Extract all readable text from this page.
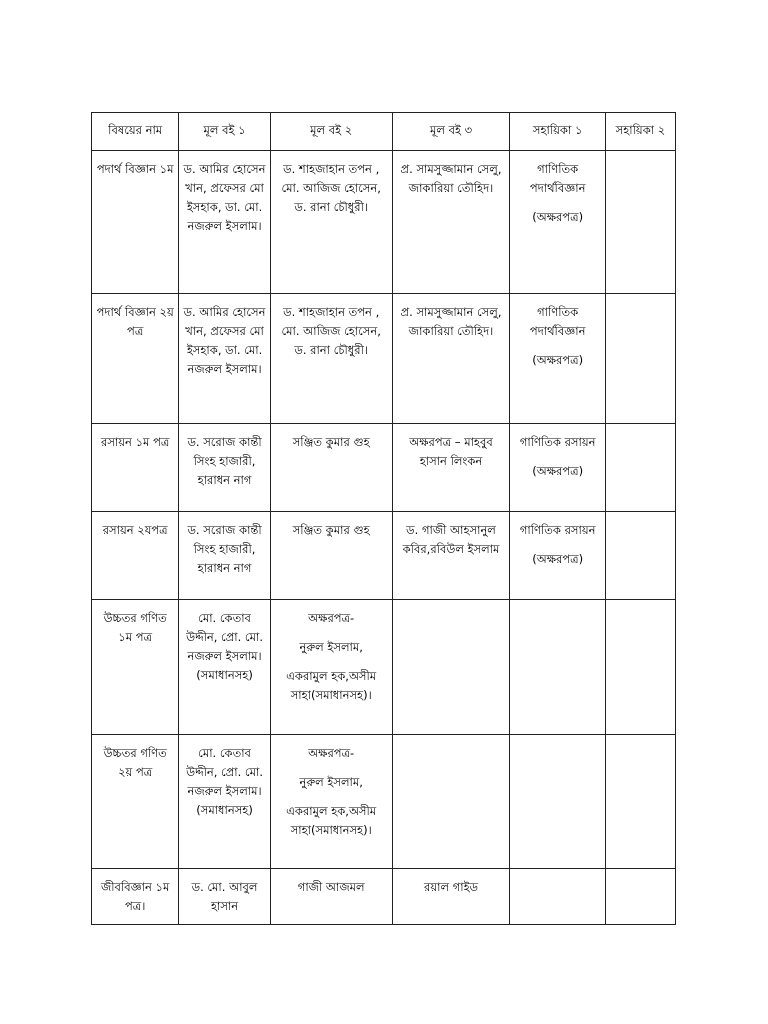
বিষয়ের নাম	মূল বই ১	মূল বই ২	মূল বই ৩	সহায়িকা ১	সহায়িকা ২
পদার্থ বিজ্ঞান ১ম	ড. আমির হোসেন খান, প্রফেসর মো ইসহাক, ডা. মো. নজরুল ইসলাম।	ড. শাহজাহান তপন , মো. আজিজ হোসেন, ড. রানা চৌধুরী।	প্র. সামসুজ্জামান সেলু, জাকারিয়া তৌহিদ।	গাণিতিক পদার্থবিজ্ঞান
(অক্ষরপত্র)	

পদার্থ বিজ্ঞান ২য় পত্র	ড. আমির হোসেন খান, প্রফেসর মো ইসহাক, ডা. মো. নজরুল ইসলাম।	ড. শাহজাহান তপন , মো. আজিজ হোসেন, ড. রানা চৌধুরী।	প্র. সামসুজ্জামান সেলু, জাকারিয়া তৌহিদ।	গাণিতিক পদার্থবিজ্ঞান
(অক্ষরপত্র)	

রসায়ন ১ম পত্র	ড. সরোজ কান্তী সিংহ হাজারী, হারাধন নাগ	সঞ্জিত কুমার গুহ	অক্ষরপত্র – মাহবুব হাসান লিংকন	গাণিতিক রসায়ন
(অক্ষরপত্র)	

রসায়ন ২যপত্র	ড. সরোজ কান্তী সিংহ হাজারী, হারাধন নাগ	সঞ্জিত কুমার গুহ	ড. গাজী আহসানুল কবির,রবিউল ইসলাম	গাণিতিক রসায়ন
(অক্ষরপত্র)	

উচ্চতর গণিত ১ম পত্র	মো. কেতাব উদ্দীন, প্রো. মো. নজরুল ইসলাম। (সমাধানসহ)	অক্ষরপত্র-
নুরুল ইসলাম,
একরামুল হক,অসীম সাহা(সমাধানসহ)।			

উচ্চতর গণিত ২য় পত্র	মো. কেতাব উদ্দীন, প্রো. মো. নজরুল ইসলাম। (সমাধানসহ)	অক্ষরপত্র-
নুরুল ইসলাম,
একরামুল হক,অসীম সাহা(সমাধানসহ)।			

জীববিজ্ঞান ১ম পত্র।	ড. মো. আবুল হাসান	গাজী আজমল	রয়াল গাইড		
